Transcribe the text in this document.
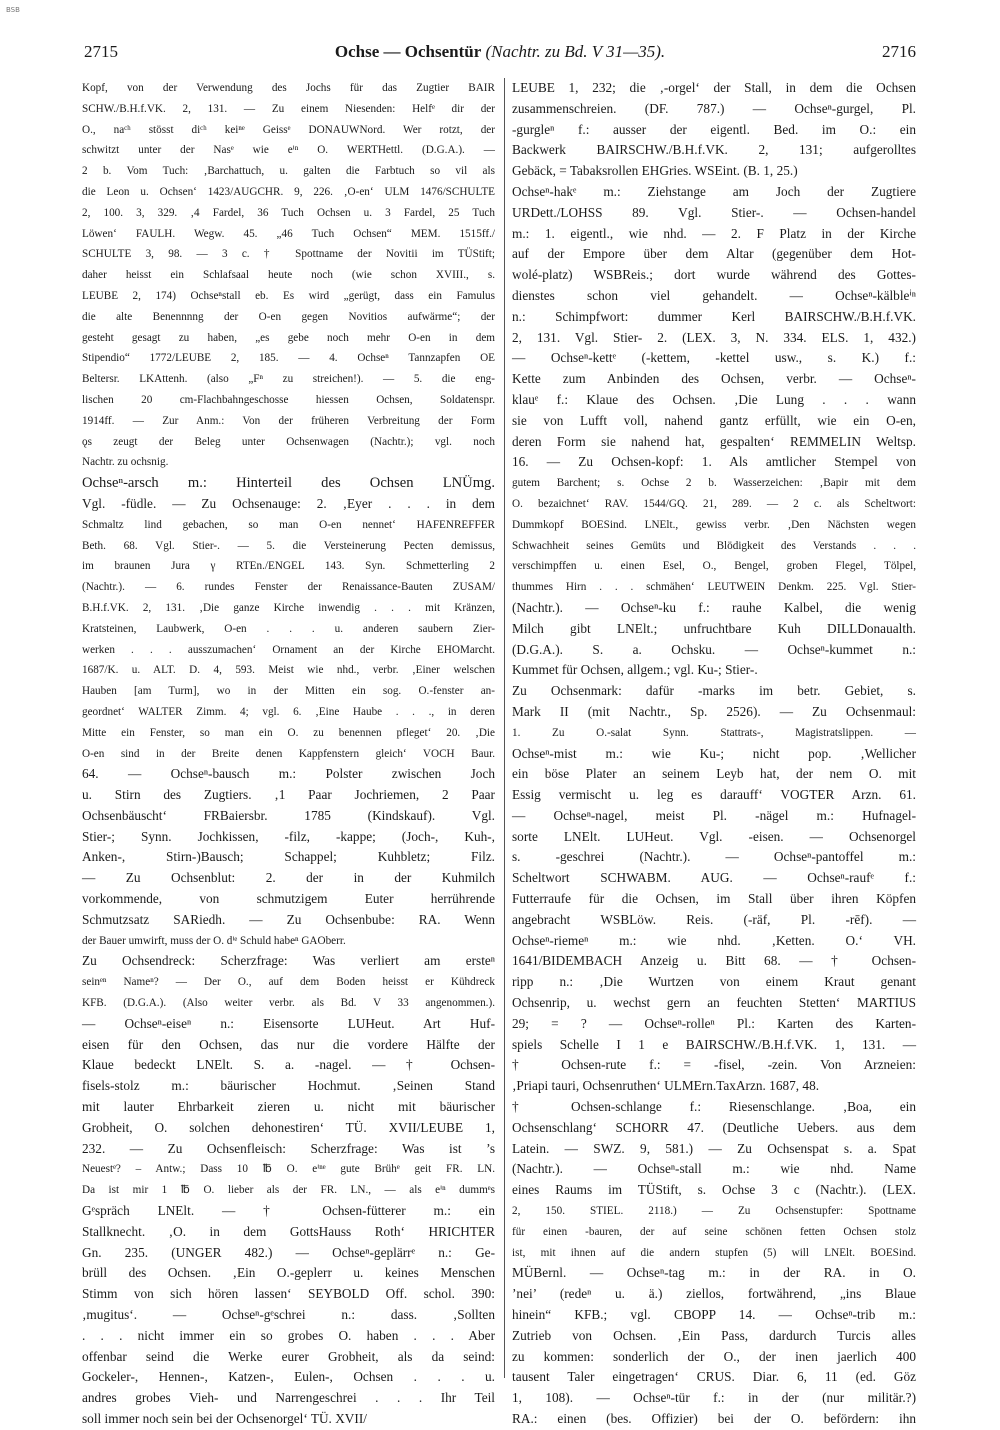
BSB
2715	Ochse — Ochsentür (Nachtr. zu Bd. V 31—35).	2716
Kopf, von der Verwendung des Jochs für das Zugtier BAIR
SCHW./B.H.f.VK. 2, 131. — Zu einem Niesenden: Helfᵉ dir der
O., naᶜʰ stösst diᶜʰ keiⁿᵉ Geissᵉ DONAUWNord. Wer rotzt, der
schwitzt unter der Nasᵉ wie eⁱⁿ O. WERTHettl. (D.G.A.). —
2 b. Vom Tuch: ‚Barchattuch, u. galten die Farbtuch so vil als
die Leon u. Ochsenʻ 1423/AUGCHR. 9, 226. ‚O-enʻ ULM 1476/SCHULTE
2, 100. 3, 329. ‚4 Fardel, 36 Tuch Ochsen u. 3 Fardel, 25 Tuch
Löwenʻ FAULH. Wegw. 45. „46 Tuch Ochsen“ MEM. 1515ff./
SCHULTE 3, 98. — 3 c. † Spottname der Novitii im TÜStift;
daher heisst ein Schlafsaal heute noch (wie schon XVIII., s.
LEUBE 2, 174) Ochseⁿstall eb. Es wird „gerügt, dass ein Famulus
die alte Benennnng der O-en gegen Novitios aufwärme“; der
gesteht gesagt zu haben, „es gebe noch mehr O-en in dem
Stipendio“ 1772/LEUBE 2, 185. — 4. Ochseⁿ Tannzapfen OE
Beltersr. LKAttenh. (also „Fⁿ zu streichen!). — 5. die eng-
lischen 20 cm-Flachbahngeschosse hiessen Ochsen, Soldatenspr.
1914ff. — Zur Anm.: Von der früheren Verbreitung der Form
ǫs zeugt der Beleg unter Ochsenwagen (Nachtr.); vgl. noch
Nachtr. zu ochsnig.
Ochseⁿ-arsch m.: Hinterteil des Ochsen LNÜmg.
Vgl. -füdle. — Zu Ochsenauge: 2. ‚Eyer . . . in dem
Schmaltz lind gebachen, so man O-en nennetʻ HAFENREFFER
Beth. 68. Vgl. Stier-. — 5. die Versteinerung Pecten demissus,
im braunen Jura γ RTEn./ENGEL 143. Syn. Schmetterling 2
(Nachtr.). — 6. rundes Fenster der Renaissance-Bauten ZUSAM/
B.H.f.VK. 2, 131. ‚Die ganze Kirche inwendig . . . mit Kränzen,
Kratsteinen, Laubwerk, O-en . . . u. anderen saubern Zier-
werken . . . ausszumachenʻ Ornament an der Kirche EHOMarcht.
1687/K. u. ALT. D. 4, 593. Meist wie nhd., verbr. ‚Einer welschen
Hauben [am Turm], wo in der Mitten ein sog. O.-fenster an-
geordnetʻ WALTER Zimm. 4; vgl. 6. ‚Eine Haube . . ., in deren
Mitte ein Fenster, so man ein O. zu benennen pflegetʻ 20. ‚Die
O-en sind in der Breite denen Kappfenstern gleichʻ VOCH Baur.
64. — Ochseⁿ-bausch m.: Polster zwischen Joch
u. Stirn des Zugtiers. ‚1 Paar Jochriemen, 2 Paar
Ochsenbäuschtʻ FRBaiersbr. 1785 (Kindskauf). Vgl.
Stier-; Synn. Jochkissen, -filz, -kappe; (Joch-, Kuh-,
Anken-, Stirn-)Bausch; Schappel; Kuhbletz; Filz.
— Zu Ochsenblut: 2. der in der Kuhmilch
vorkommende, von schmutzigem Euter herrührende
Schmutzsatz SARiedh. — Zu Ochsenbube: RA. Wenn
der Bauer umwirft, muss der O. dⁱᵉ Schuld habeⁿ GAOberr.
Zu Ochsendreck: Scherzfrage: Was verliert am ersteⁿ
seinᵉⁿ Nameⁿ? — Der O., auf dem Boden heisst er Kühdreck
KFB. (D.G.A.). (Also weiter verbr. als Bd. V 33 angenommen.).
— Ochseⁿ-eiseⁿ n.: Eisensorte LUHeut. Art Huf-
eisen für den Ochsen, das nur die vordere Hälfte der
Klaue bedeckt LNElt. S. a. -nagel. — † Ochsen-
fisels-stolz m.: bäurischer Hochmut. ‚Seinen Stand
mit lauter Ehrbarkeit zieren u. nicht mit bäurischer
Grobheit, O. solchen dehonestirenʻ TÜ. XVII/LEUBE 1,
232. — Zu Ochsenfleisch: Scherzfrage: Was ist ’s
Neuestᵉ? – Antw.; Dass 10 ℔ O. eⁱⁿᵉ gute Brühᵉ geit FR. LN.
Da ist mir 1 ℔ O. lieber als der FR. LN., — als eⁱⁿ dummᵉs
Gᵉspräch LNElt. — † Ochsen-fütterer m.: ein
Stallknecht. ‚O. in dem GottsHauss Rothʻ HRICHTER
Gn. 235. (UNGER 482.) — Ochseⁿ-geplärrᵉ n.: Ge-
brüll des Ochsen. ‚Ein O.-geplerr u. keines Menschen
Stimm von sich hören lassenʻ SEYBOLD Off. schol. 390:
‚mugitusʻ. — Ochseⁿ-gᵉschrei n.: dass. ‚Sollten
. . . nicht immer ein so grobes O. haben . . . Aber
offenbar seind die Werke eurer Grobheit, als da seind:
Gockeler-, Hennen-, Katzen-, Eulen-, Ochsen . . . u.
andres grobes Vieh- und Narrengeschrei . . . Ihr Teil
soll immer noch sein bei der Ochsenorgelʻ TÜ. XVII/
LEUBE 1, 232; die ‚-orgelʻ der Stall, in dem die Ochsen
zusammenschreien. (DF. 787.) — Ochseⁿ-gurgel, Pl.
-gurgleⁿ f.: ausser der eigentl. Bed. im O.: ein
Backwerk BAIRSCHW./B.H.f.VK. 2, 131; aufgerolltes
Gebäck, = Tabaksrollen EHGries. WSEint. (B. 1, 25.)
Ochseⁿ-hakᵉ m.: Ziehstange am Joch der Zugtiere
URDett./LOHSS 89. Vgl. Stier-. — Ochsen-handel
m.: 1. eigentl., wie nhd. — 2. F Platz in der Kirche
auf der Empore über dem Altar (gegenüber dem Hot-
wolé-platz) WSBReis.; dort wurde während des Gottes-
dienstes schon viel gehandelt. — Ochseⁿ-kälbleⁱⁿ
n.: Schimpfwort: dummer Kerl BAIRSCHW./B.H.f.VK.
2, 131. Vgl. Stier- 2. (LEX. 3, N. 334. ELS. 1, 432.)
— Ochseⁿ-kettᵉ (-kettem, -kettel usw., s. K.) f.:
Kette zum Anbinden des Ochsen, verbr. — Ochseⁿ-
klauᵉ f.: Klaue des Ochsen. ‚Die Lung . . . wann
sie von Lufft voll, nahend gantz erfüllt, wie ein O-en,
deren Form sie nahend hat, gespaltenʻ REMMELIN Weltsp.
16. — Zu Ochsen-kopf: 1. Als amtlicher Stempel von
gutem Barchent; s. Ochse 2 b. Wasserzeichen: ‚Bapir mit dem
O. bezaichnetʻ RAV. 1544/GQ. 21, 289. — 2 c. als Scheltwort:
Dummkopf BOESind. LNElt., gewiss verbr. ‚Den Nächsten wegen
Schwachheit seines Gemüts und Blödigkeit des Verstands . . .
verschimpffen u. einen Esel, O., Bengel, groben Flegel, Tölpel,
thummes Hirn . . . schmähenʻ LEUTWEIN Denkm. 225. Vgl. Stier-
(Nachtr.). — Ochseⁿ-ku f.: rauhe Kalbel, die wenig
Milch gibt LNElt.; unfruchtbare Kuh DILLDonaualth.
(D.G.A.). S. a. Ochsku. — Ochseⁿ-kummet n.:
Kummet für Ochsen, allgem.; vgl. Ku-; Stier-.
Zu Ochsenmark: dafür -marks im betr. Gebiet, s.
Mark II (mit Nachtr., Sp. 2526). — Zu Ochsenmaul:
1. Zu O.-salat Synn. Stattrats-, Magistratslippen. —
Ochseⁿ-mist m.: wie Ku-; nicht pop. ‚Wellicher
ein böse Plater an seinem Leyb hat, der nem O. mit
Essig vermischt u. leg es darauffʻ VOGTER Arzn. 61.
— Ochseⁿ-nagel, meist Pl. -nägel m.: Hufnagel-
sorte LNElt. LUHeut. Vgl. -eisen. — Ochsenorgel
s. -geschrei (Nachtr.). — Ochseⁿ-pantoffel m.:
Scheltwort SCHWABM. AUG. — Ochseⁿ-raufᵉ f.:
Futterraufe für die Ochsen, im Stall über ihren Köpfen
angebracht WSBLöw. Reis. (-räf, Pl. -rēf). —
Ochseⁿ-riemeⁿ m.: wie nhd. ‚Ketten. O.ʻ VH.
1641/BIDEMBACH Anzeig u. Bitt 68. — † Ochsen-
ripp n.: ‚Die Wurtzen von einem Kraut genant
Ochsenrip, u. wechst gern an feuchten Stettenʻ MARTIUS
29; = ? — Ochseⁿ-rolleⁿ Pl.: Karten des Karten-
spiels Schelle I 1 e BAIRSCHW./B.H.f.VK. 1, 131. —
† Ochsen-rute f.: = -fisel, -zein. Von Arzneien:
‚Priapi tauri, Ochsenruthenʻ ULMErn.TaxArzn. 1687, 48.
† Ochsen-schlange f.: Riesenschlange. ‚Boa, ein
Ochsenschlangʻ SCHORR 47. (Deutliche Uebers. aus dem
Latein. — SWZ. 9, 581.) — Zu Ochsenspat s. a. Spat
(Nachtr.). — Ochseⁿ-stall m.: wie nhd. Name
eines Raums im TÜStift, s. Ochse 3 c (Nachtr.). (LEX.
2, 150. STIEL. 2118.) — Zu Ochsenstupfer: Spottname
für einen -bauren, der auf seine schönen fetten Ochsen stolz
ist, mit ihnen auf die andern stupfen (5) will LNElt. BOESind.
MÜBernl. — Ochseⁿ-tag m.: in der RA. in O.
’nei’ (redeⁿ u. ä.) ziellos, fortwährend, „ins Blaue
hinein“ KFB.; vgl. CBOPP 14. — Ochseⁿ-trib m.:
Zutrieb von Ochsen. ‚Ein Pass, dardurch Turcis alles
zu kommen: sonderlich der O., der inen jaerlich 400
tausent Taler eingetragenʻ CRUS. Diar. 6, 11 (ed. Göz
1, 108). — Ochseⁿ-tür f.: in der (nur militär.?)
RA.: einen (bes. Offizier) bei der O. befördern: ihn
